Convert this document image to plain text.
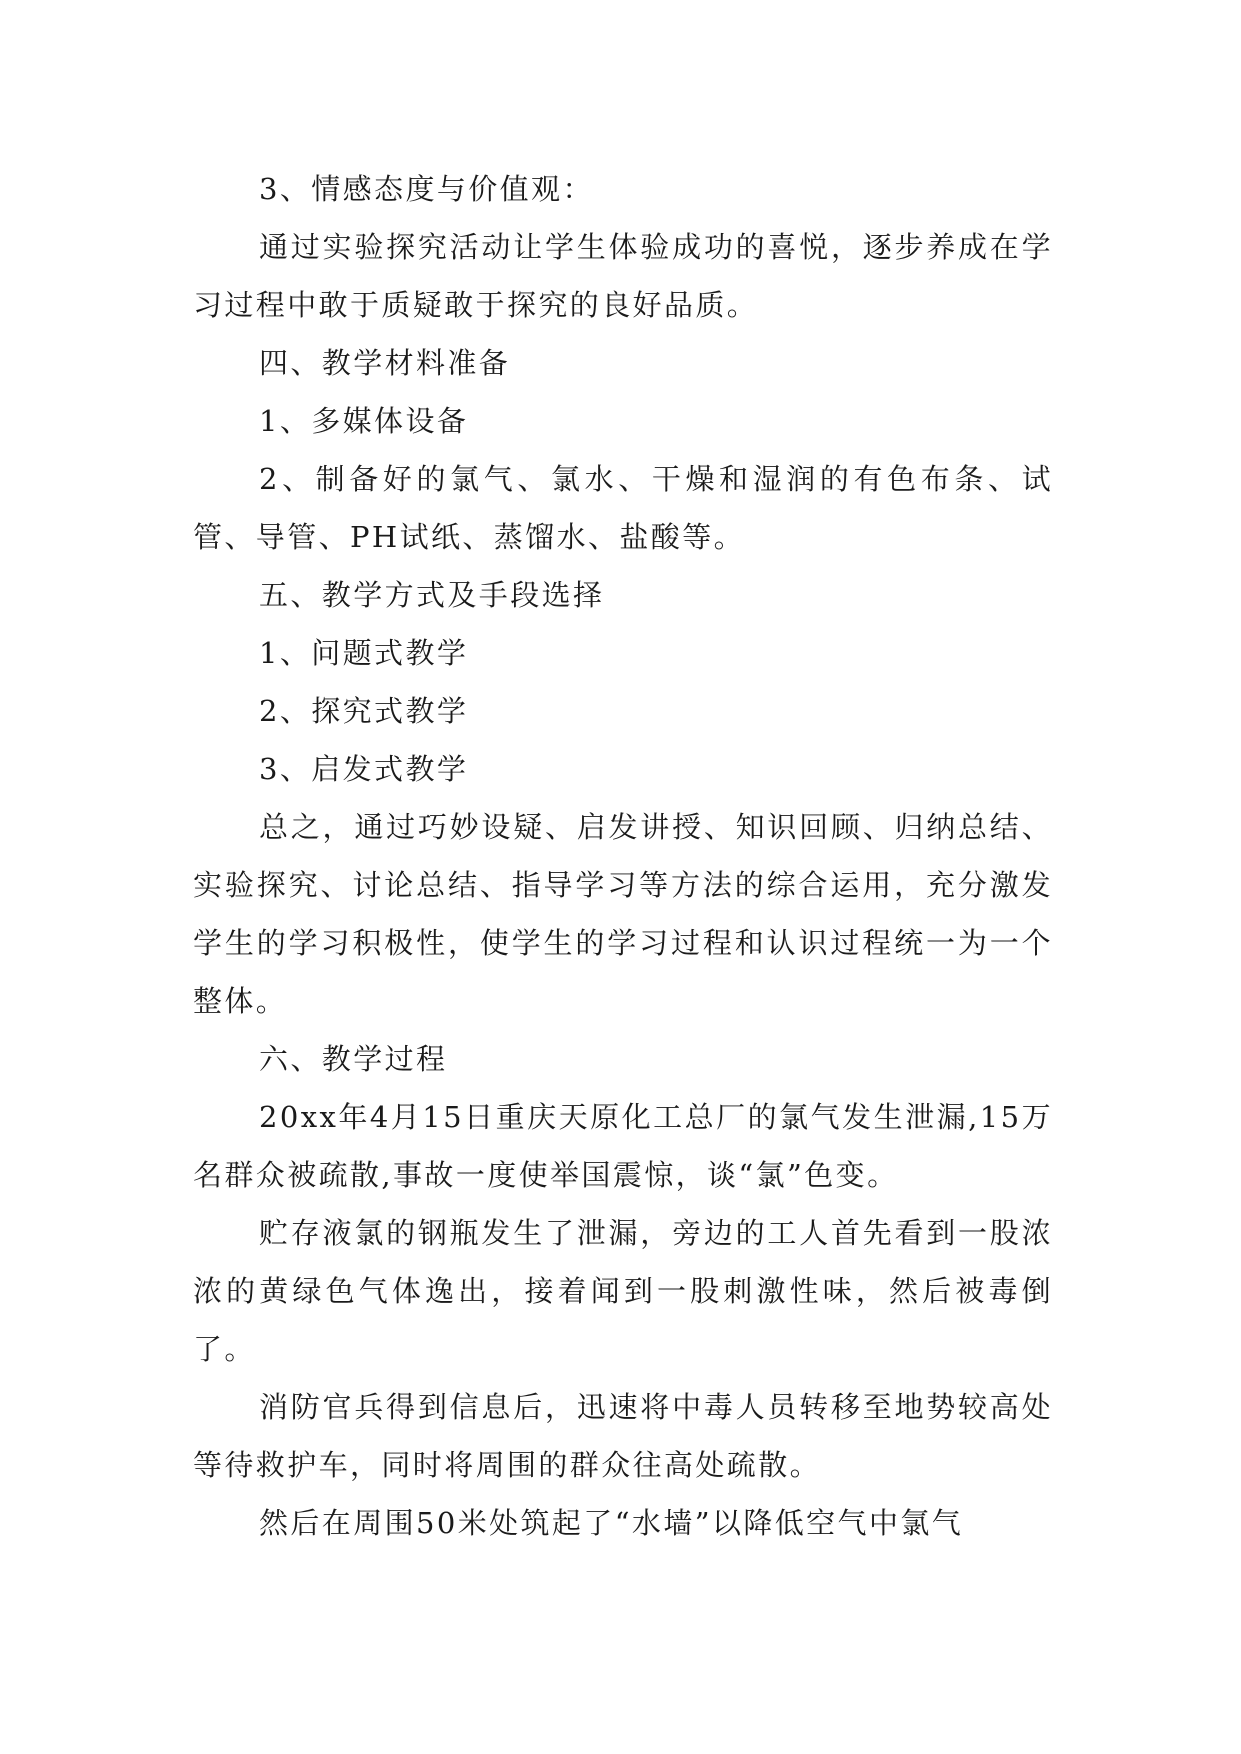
3、情感态度与价值观：

通过实验探究活动让学生体验成功的喜悦，逐步养成在学习过程中敢于质疑敢于探究的良好品质。

四、教学材料准备

1、多媒体设备

2、制备好的氯气、氯水、干燥和湿润的有色布条、试管、导管、PH试纸、蒸馏水、盐酸等。

五、教学方式及手段选择

1、问题式教学

2、探究式教学

3、启发式教学

总之，通过巧妙设疑、启发讲授、知识回顾、归纳总结、实验探究、讨论总结、指导学习等方法的综合运用，充分激发学生的学习积极性，使学生的学习过程和认识过程统一为一个整体。

六、教学过程

20xx年4月15日重庆天原化工总厂的氯气发生泄漏,15万名群众被疏散,事故一度使举国震惊，谈“氯”色变。

贮存液氯的钢瓶发生了泄漏，旁边的工人首先看到一股浓浓的黄绿色气体逸出，接着闻到一股刺激性味，然后被毒倒了。

消防官兵得到信息后，迅速将中毒人员转移至地势较高处等待救护车，同时将周围的群众往高处疏散。

然后在周围50米处筑起了“水墙”以降低空气中氯气
